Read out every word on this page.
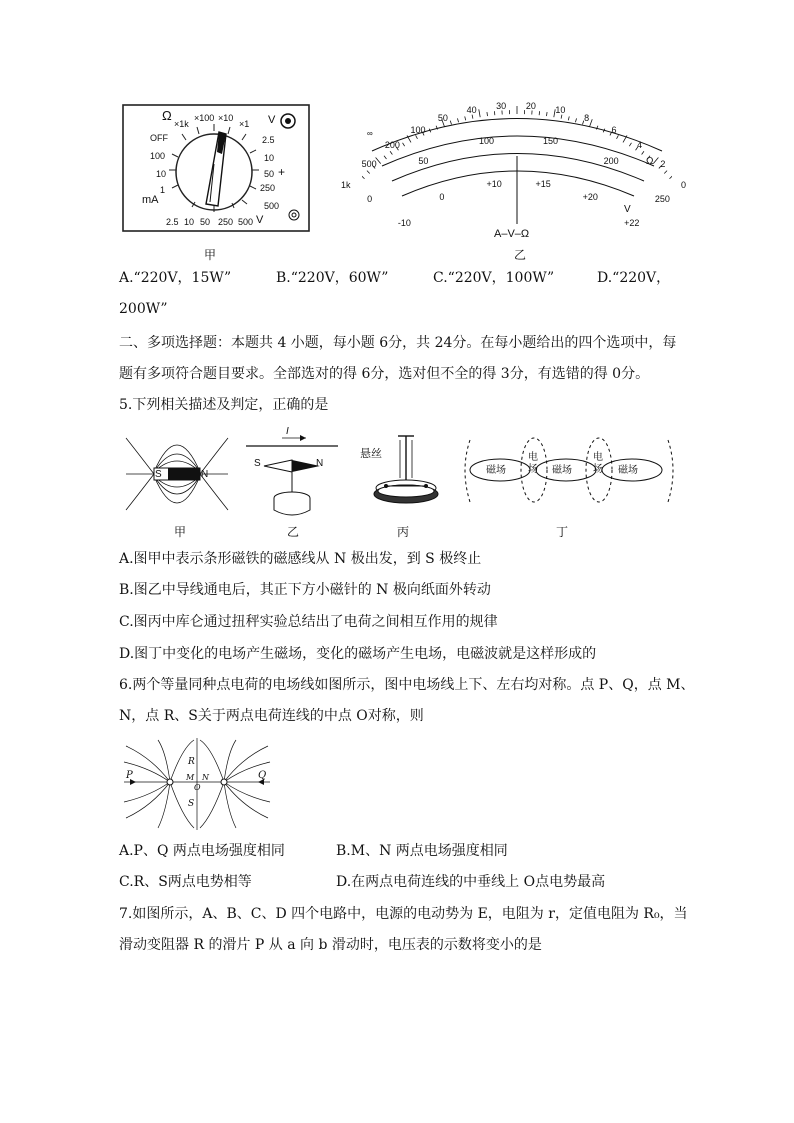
Ω
×1k
×100 ×10
×1 V
OFF
100
10
1
mA
2.5
10
50 +
250
500
2.5 10 50 250 500 V
甲
∞
Ω
V
A–V–Ω
1k
500
200
100
50
40 30 20 10
8
6
4
2
0
0
50
100	150
200
250
-10
0
+10	+15
+20
+22
乙
A.“220V，15W”	B.“220V，60W”	C.“220V，100W”	D.“220V，
200W”
二、多项选择题：本题共 4 小题，每小题 6分，共 24分。在每小题给出的四个选项中，每
题有多项符合题目要求。全部选对的得 6分，选对但不全的得 3分，有选错的得 0分。
5.下列相关描述及判定，正确的是
S	N
甲
I
S	N
乙
悬丝
丙
磁场
电场 磁场
电场 磁场
丁
A.图甲中表示条形磁铁的磁感线从 N 极出发，到 S 极终止
B.图乙中导线通电后，其正下方小磁针的 N 极向纸面外转动
C.图丙中库仑通过扭秤实验总结出了电荷之间相互作用的规律
D.图丁中变化的电场产生磁场，变化的磁场产生电场，电磁波就是这样形成的
6.两个等量同种点电荷的电场线如图所示，图中电场线上下、左右均对称。点 P、Q，点 M、
N，点 R、S关于两点电荷连线的中点 O对称，则
P	Q
R
S
M N
O
A.P、Q 两点电场强度相同	B.M、N 两点电场强度相同
C.R、S两点电势相等	D.在两点电荷连线的中垂线上 O点电势最高
7.如图所示，A、B、C、D 四个电路中，电源的电动势为 E，电阻为 r，定值电阻为 R₀，当
滑动变阻器 R 的滑片 P 从 a 向 b 滑动时，电压表的示数将变小的是
